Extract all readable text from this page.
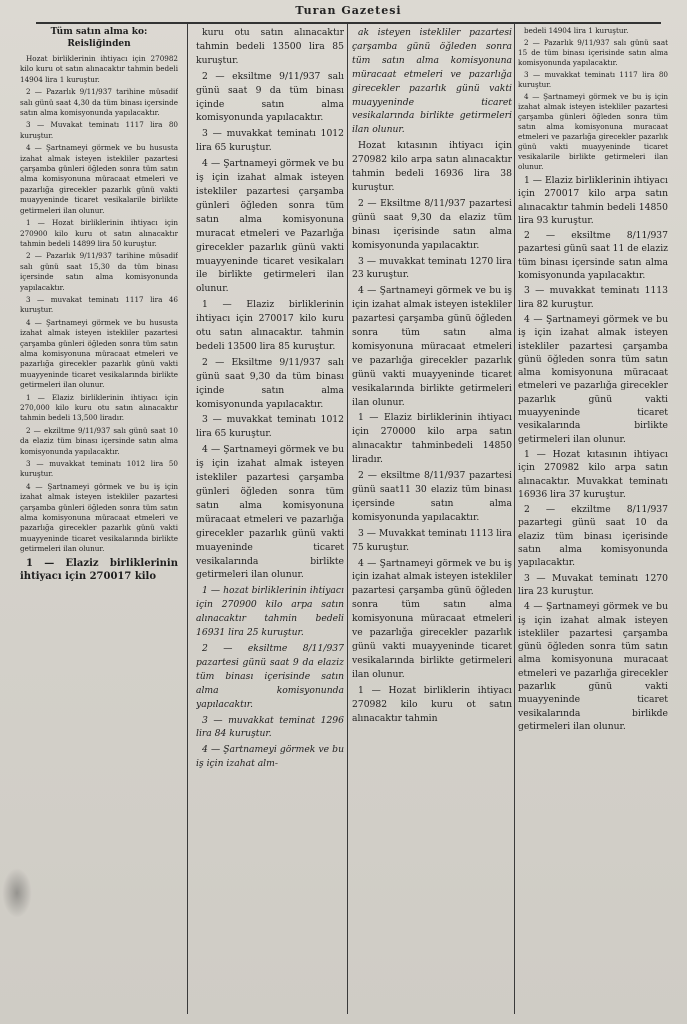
Turan Gazetesi

Tüm satın alma ko: Reisliğinden

Hozat birliklerinin ihtiyacı için 270982 kilo kuru ot satın alınacaktır tahmin bedeli 14904 lira 1 kuruştur.

2 — Pazarlık 9/11/937 tarihine müsadif salı günü saat 4,30 da tüm binası içersinde satın alma komisyonunda yapılacaktır.

3 — Muvakat teminatı 1117 lira 80 kuruştur.

4 — Şartnameyi görmek ve bu hususta izahat almak isteyen istekliler pazartesi çarşamba günleri öğleden sonra tüm satın alma komisyonuna müracaat etmeleri ve pazarlığa girecekler pazarlık günü vakti muayyeninde ticaret vesikalarile birlikte getirmeleri ilan olunur.

1 — Hozat birliklerinin ihtiyacı için 270900 kilo kuru ot satın alınacaktır tahmin bedeli 14899 lira 50 kuruştur.

2 — Pazarlık 9/11/937 tarihine müsadif salı günü saat 15,30 da tüm binası içersinde satın alma komisyonunda yapılacaktır.

3 — muvakat teminatı 1117 lira 46 kuruştur.

4 — Şartnameyi görmek ve bu hususta izahat almak isteyen istekliler pazartesi çarşamba günleri öğleden sonra tüm satın alma komisyonuna müracaat etmeleri ve pazarlığa girecekler pazarlık günü vakti muayyeninde ticaret vesikalarında birlikte getirmeleri ilan olunur.

1 — Elaziz birliklerinin ihtiyacı için 270,000 kilo kuru otu satın alınacaktır tahmin bedeli 13,500 liradır.

2 — ekziltme 9/11/937 salı günü saat 10 da elaziz tüm binası içersinde satın alma komisyonunda yapılacaktır.

3 — muvakkat teminatı 1012 lira 50 kuruştur.

4 — Şartnameyi görmek ve bu iş için izahat almak isteyen istekliler pazartesi çarşamba günleri öğleden sonra tüm satın alma komisyonuna müracaat etmeleri ve pazarlığa girecekler pazarlık günü vakti muayyeninde ticaret vesikalarında birlikte getirmeleri ilan olunur.

1 — Elaziz birliklerinin ihtiyacı için 270017 kilo

kuru otu satın alınacaktır tahmin bedeli 13500 lira 85 kuruştur.

2 — eksiltme 9/11/937 salı günü saat 9 da tüm binası içinde satın alma komisyonunda yapılacaktır.

3 — muvakkat teminatı 1012 lira 65 kuruştur.

4 — Şartnameyi görmek ve bu iş için izahat almak isteyen istekliler pazartesi çarşamba günleri öğleden sonra tüm satın alma komisyonuna muracat etmeleri ve Pazarlığa girecekler pazarlık günü vakti muayyeninde ticaret vesikaları ile birlikte getirmeleri ilan olunur.

1 — Elaziz birliklerinin ihtiyacı için 270017 kilo kuru otu satın alınacaktır. tahmin bedeli 13500 lira 85 kuruştur.

2 — Eksiltme 9/11/937 salı günü saat 9,30 da tüm binası içinde satın alma komisyonunda yapılacaktır.

3 — muvakkat teminatı 1012 lira 65 kuruştur.

4 — Şartnameyi görmek ve bu iş için izahat almak isteyen istekliler pazartesi çarşamba günleri öğleden sonra tüm satın alma komisyonuna müracaat etmeleri ve pazarlığa girecekler pazarlık günü vakti muayeninde ticaret vesikalarında birlikte getirmeleri ilan olunur.

1 — hozat birliklerinin ihtiyacı için 270900 kilo arpa satın alınacaktır tahmin bedeli 16931 lira 25 kuruştur.

2 — eksiltme 8/11/937 pazartesi günü saat 9 da elaziz tüm binası içerisinde satın alma komisyonunda yapılacaktır.

3 — muvakkat teminat 1296 lira 84 kuruştur.

4 — Şartnameyi görmek ve bu iş için izahat alm-

ak isteyen istekliler pazartesi çarşamba günü öğleden sonra tüm satın alma komisyonuna müracaat etmeleri ve pazarlığa girecekler pazarlık günü vakti muayyeninde ticaret vesikalarında birlikte getirmeleri ilan olunur.

Hozat kıtasının ihtiyacı için 270982 kilo arpa satın alınacaktır tahmin bedeli 16936 lira 38 kuruştur.

2 — Eksiltme 8/11/937 pazartesi günü saat 9,30 da elaziz tüm binası içerisinde satın alma komisyonunda yapılacaktır.

3 — muvakkat teminatı 1270 lira 23 kuruştur.

4 — Şartnameyi görmek ve bu iş için izahat almak isteyen istekliler pazartesi çarşamba günü öğleden sonra tüm satın alma komisyonuna müracaat etmeleri ve pazarlığa girecekler pazarlık günü vakti muayyeninde ticaret vesikalarında birlikte getirmeleri ilan olunur.

1 — Elaziz birliklerinin ihtiyacı için 270000 kilo arpa satın alınacaktır tahminbedeli 14850 liradır.

2 — eksiltme 8/11/937 pazartesi günü saat11 30 elaziz tüm binası içersinde satın alma komisyonunda yapılacaktır.

3 — Muvakkat teminatı 1113 lira 75 kuruştur.

4 — Şartnameyi görmek ve bu iş için izahat almak isteyen istekliler pazartesi çarşamba günü öğleden sonra tüm satın alma komisyonuna müracaat etmeleri ve pazarlığa girecekler pazarlık günü vakti muayyeninde ticaret vesikalarında birlikte getirmeleri ilan olunur.

1 — Hozat birliklerin ihtiyacı 270982 kilo kuru ot satın alınacaktır tahmin

bedeli 14904 lira 1 kuruştur.

2 — Pazarlık 9/11/937 salı günü saat 15 de tüm binası içerisinde satın alma komisyonunda yapılacaktır.

3 — muvakkat teminatı 1117 lira 80 kuruştur.

4 — Şartnameyi görmek ve bu iş için izahat almak isteyen istekliler pazartesi çarşamba günleri öğleden sonra tüm satın alma komisyonuna muracaat etmeleri ve pazarlığa girecekler pazarlık günü vakti muayyeninde ticaret vesikalarile birlikte getirmeleri ilan olunur.

1 — Elaziz birliklerinin ihtiyacı için 270017 kilo arpa satın alınacaktır tahmin bedeli 14850 lira 93 kuruştur.

2 — eksiltme 8/11/937 pazartesi günü saat 11 de elaziz tüm binası içersinde satın alma komisyonunda yapılacaktır.

3 — muvakkat teminatı 1113 lira 82 kuruştur.

4 — Şartnameyi görmek ve bu iş için izahat almak isteyen istekliler pazartesi çarşamba günü öğleden sonra tüm satın alma komisyonuna müracaat etmeleri ve pazarlığa girecekler pazarlık günü vakti muayyeninde ticaret vesikalarında birlikte getirmeleri ilan olunur.

1 — Hozat kıtasının ihtiyacı için 270982 kilo arpa satın alınacaktır. Muvakkat teminatı 16936 lira 37 kuruştur.

2 — ekziltme 8/11/937 pazartegi günü saat 10 da elaziz tüm binası içerisinde satın alma komisyonunda yapılacaktır.

3 — Muvakat teminatı 1270 lira 23 kuruştur.

4 — Şartnameyi görmek ve bu iş için izahat almak isteyen istekliler pazartesi çarşamba günü öğleden sonra tüm satın alma komisyonuna muracaat etmeleri ve pazarlığa girecekler pazarlık günü vakti muayyeninde ticaret vesikalarında birlikde getirmeleri ilan olunur.
